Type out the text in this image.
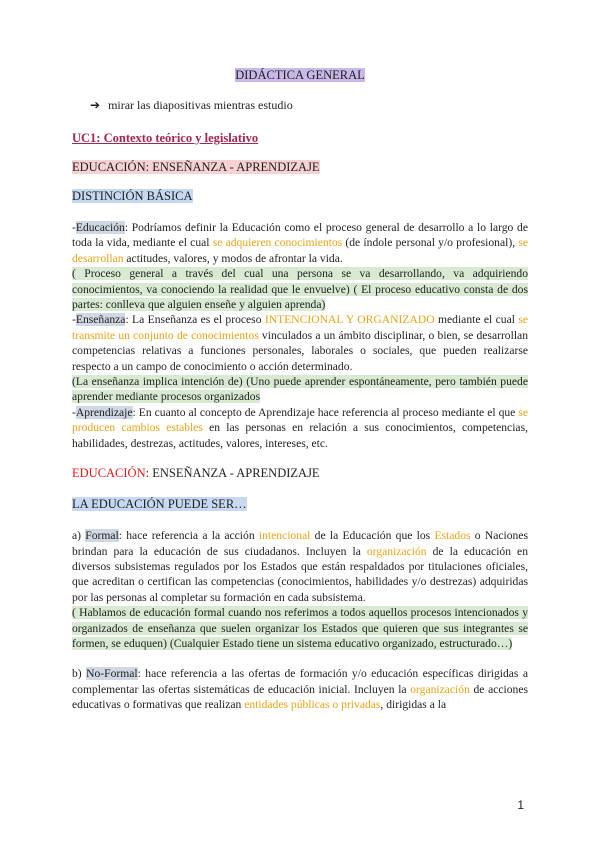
DIDÁCTICA GENERAL
➔ mirar las diapositivas mientras estudio
UC1: Contexto teórico y legislativo
EDUCACIÓN: ENSEÑANZA - APRENDIZAJE
DISTINCIÓN BÁSICA

-Educación: Podríamos definir la Educación como el proceso general de desarrollo a lo largo de toda la vida, mediante el cual se adquieren conocimientos (de índole personal y/o profesional), se desarrollan actitudes, valores, y modos de afrontar la vida.

( Proceso general a través del cual una persona se va desarrollando, va adquiriendo conocimientos, va conociendo la realidad que le envuelve) ( El proceso educativo consta de dos partes: conlleva que alguien enseñe y alguien aprenda)

-Enseñanza: La Enseñanza es el proceso INTENCIONAL Y ORGANIZADO mediante el cual se transmite un conjunto de conocimientos vinculados a un ámbito disciplinar, o bien, se desarrollan competencias relativas a funciones personales, laborales o sociales, que pueden realizarse respecto a un campo de conocimiento o acción determinado.

(La enseñanza implica intención de) (Uno puede aprender espontáneamente, pero también puede aprender mediante procesos organizados

-Aprendizaje: En cuanto al concepto de Aprendizaje hace referencia al proceso mediante el que se producen cambios estables en las personas en relación a sus conocimientos, competencias, habilidades, destrezas, actitudes, valores, intereses, etc.

EDUCACIÓN: ENSEÑANZA - APRENDIZAJE
LA EDUCACIÓN PUEDE SER…

a) Formal: hace referencia a la acción intencional de la Educación que los Estados o Naciones brindan para la educación de sus ciudadanos. Incluyen la organización de la educación en diversos subsistemas regulados por los Estados que están respaldados por titulaciones oficiales, que acreditan o certifican las competencias (conocimientos, habilidades y/o destrezas) adquiridas por las personas al completar su formación en cada subsistema.

( Hablamos de educación formal cuando nos referimos a todos aquellos procesos intencionados y organizados de enseñanza que suelen organizar los Estados que quieren que sus integrantes se formen, se eduquen) (Cualquier Estado tiene un sistema educativo organizado, estructurado…)

b) No-Formal: hace referencia a las ofertas de formación y/o educación específicas dirigidas a complementar las ofertas sistemáticas de educación inicial. Incluyen la organización de acciones educativas o formativas que realizan entidades públicas o privadas, dirigidas a la

1
